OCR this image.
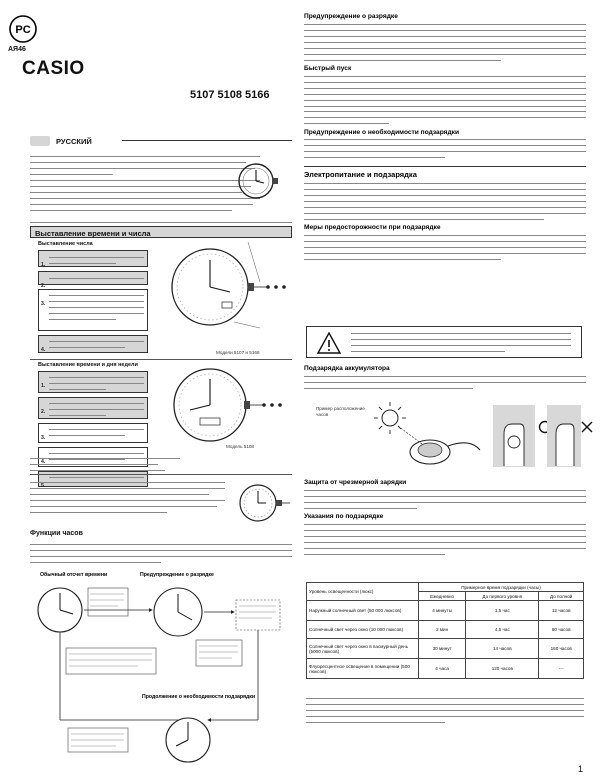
PC
AЯ46
CASIO
5107 5108 5166
РУССКИЙ
Выставление времени и числа
Выставление числа
1.
2.
3.
4.	Модели 5107 и 5166
Выставление времени и дня недели
1.
2.
3.
Модель 5108
Функции часов
Обычный отсчет времени	Предупреждение о разрядке
Продолжение о необходимости подзарядки
Предупреждение о разрядке
Быстрый пуск
Предупреждение о необходимости подзарядки
Электропитание и подзарядка
Меры предосторожности при подзарядке
Подзарядка аккумулятора
Пример расположение часов
Защита от чрезмерной зарядки
Указания по подзарядке
Уровень освещенности (люкс)	Примерное время подзарядки (часы)		
	Ежедневно	До первого уровня	До полной
Наружный солнечный свет (50 000 люксов)	4 минуты	1,5 час	12 часов
Солнечный свет через окно (10 000 люксов)	2 мин	4,5 час	80 часов
Солнечный свет через окно в пасмурный день (5000 люксов)	30 минут	14 часов	160 часов
Флуоресцентное освещение в помещении (500 люксов)	4 часа	120 часов	---
1
